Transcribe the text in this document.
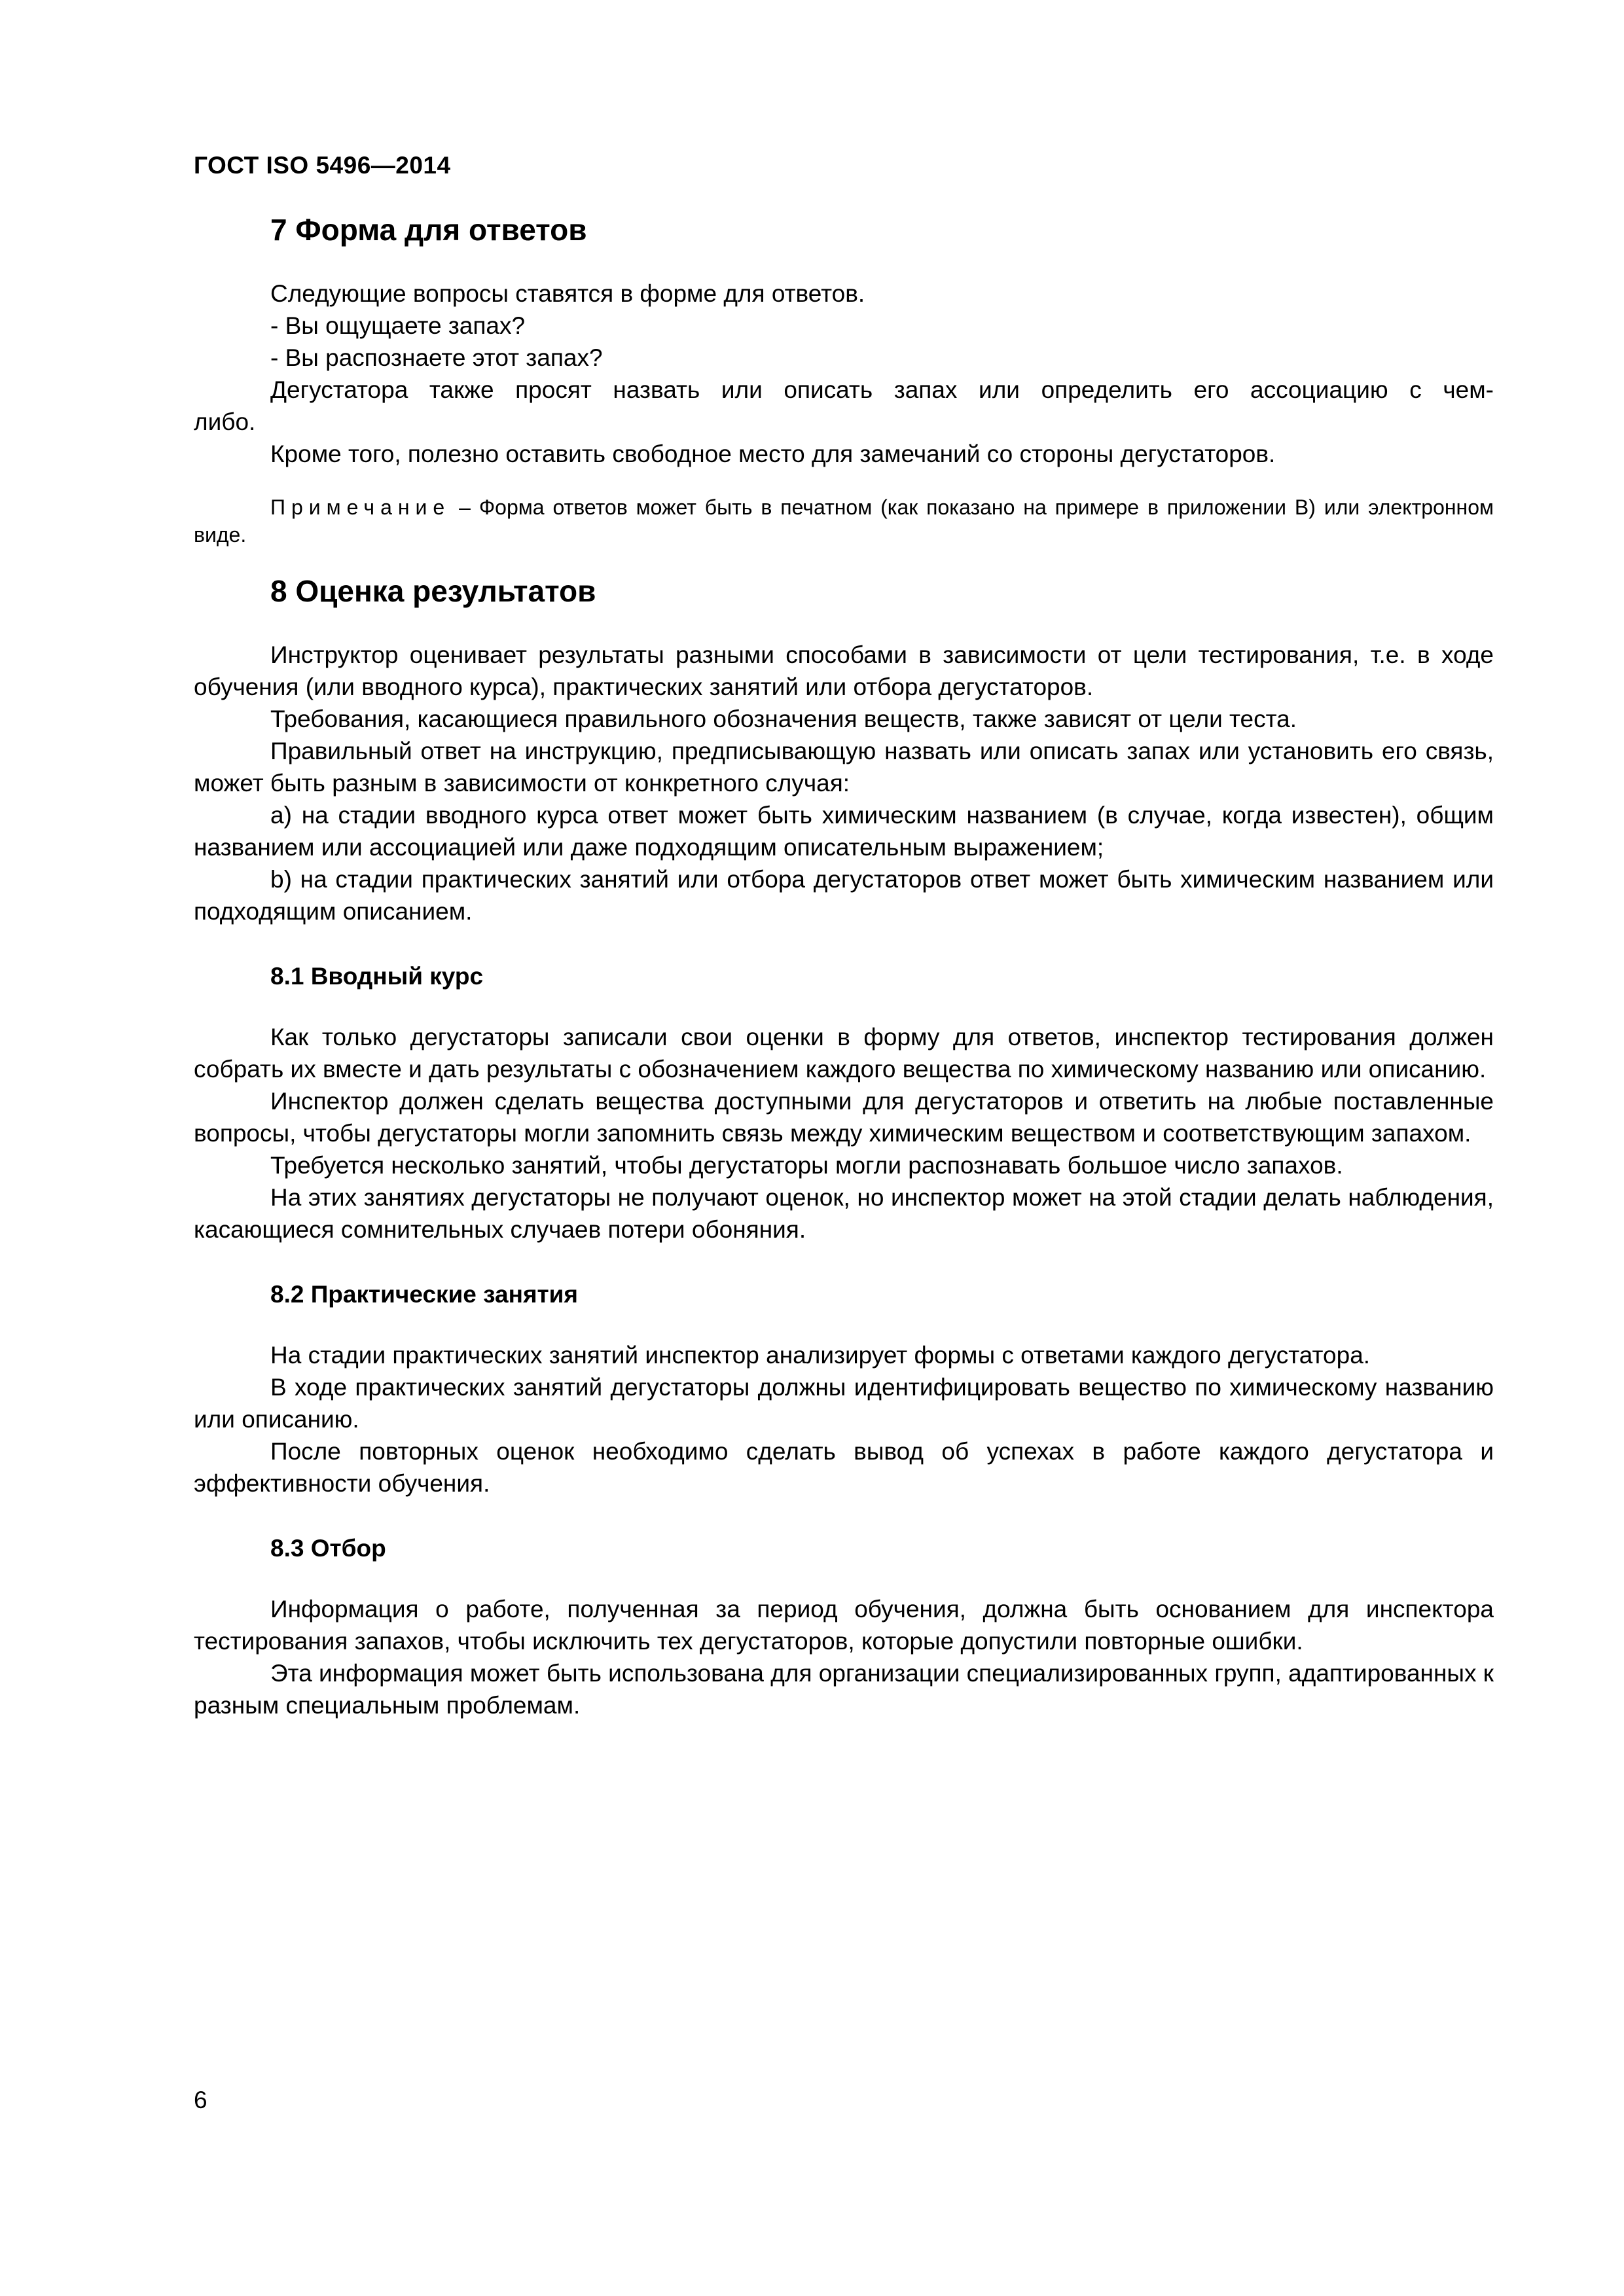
ГОСТ ISO 5496—2014
7 Форма для ответов

Следующие вопросы ставятся в форме для ответов.

- Вы ощущаете запах?

- Вы распознаете этот запах?

Дегустатора также просят назвать или описать запах или определить его ассоциацию с чем-

либо.

Кроме того, полезно оставить свободное место для замечаний со стороны дегустаторов.

Примечание – Форма ответов может быть в печатном (как показано на примере в приложении В) или электронном виде.

8 Оценка результатов

Инструктор оценивает результаты разными способами в зависимости от цели тестирования, т.е. в ходе обучения (или вводного курса), практических занятий или отбора дегустаторов.

Требования, касающиеся правильного обозначения веществ, также зависят от цели теста.

Правильный ответ на инструкцию, предписывающую назвать или описать запах или установить его связь, может быть разным в зависимости от конкретного случая:

a) на стадии вводного курса ответ может быть химическим названием (в случае, когда известен), общим названием или ассоциацией или даже подходящим описательным выражением;

b) на стадии практических занятий или отбора дегустаторов ответ может быть химическим названием или подходящим описанием.

8.1 Вводный курс

Как только дегустаторы записали свои оценки в форму для ответов, инспектор тестирования должен собрать их вместе и дать результаты с обозначением каждого вещества по химическому названию или описанию.

Инспектор должен сделать вещества доступными для дегустаторов и ответить на любые поставленные вопросы, чтобы дегустаторы могли запомнить связь между химическим веществом и соответствующим запахом.

Требуется несколько занятий, чтобы дегустаторы могли распознавать большое число запахов.

На этих занятиях дегустаторы не получают оценок, но инспектор может на этой стадии делать наблюдения, касающиеся сомнительных случаев потери обоняния.

8.2 Практические занятия

На стадии практических занятий инспектор анализирует формы с ответами каждого дегустатора.

В ходе практических занятий дегустаторы должны идентифицировать вещество по химическому названию или описанию.

После повторных оценок необходимо сделать вывод об успехах в работе каждого дегустатора и эффективности обучения.

8.3 Отбор

Информация о работе, полученная за период обучения, должна быть основанием для инспектора тестирования запахов, чтобы исключить тех дегустаторов, которые допустили повторные ошибки.

Эта информация может быть использована для организации специализированных групп, адаптированных к разным специальным проблемам.

6
